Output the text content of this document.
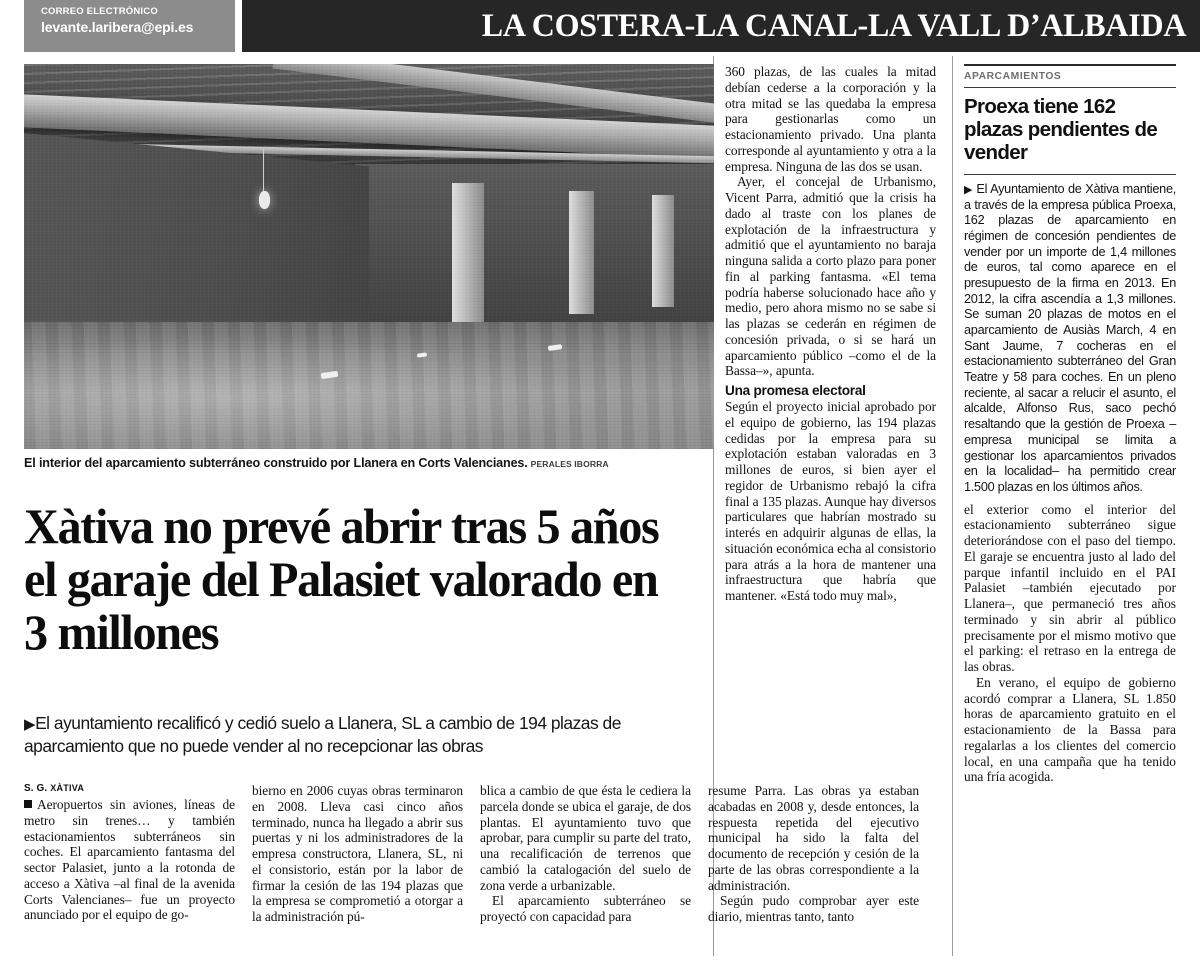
CORREO ELECTRÓNICO
levante.laribera@epi.es	LA COSTERA-LA CANAL-LA VALL D’ALBAIDA
El interior del aparcamiento subterráneo construido por Llanera en Corts Valencianes. PERALES IBORRA
Xàtiva no prevé abrir tras 5 años el garaje del Palasiet valorado en 3 millones
▶El ayuntamiento recalificó y cedió suelo a Llanera, SL a cambio de 194 plazas de aparcamiento que no puede vender al no recepcionar las obras
S. G. XÀTIVA

Aeropuertos sin aviones, líneas de metro sin trenes… y también estacionamientos subterráneos sin coches. El aparcamiento fantasma del sector Palasiet, junto a la rotonda de acceso a Xàtiva –al final de la avenida Corts Valencianes– fue un proyecto anunciado por el equipo de go-

bierno en 2006 cuyas obras terminaron en 2008. Lleva casi cinco años terminado, nunca ha llegado a abrir sus puertas y ni los administradores de la empresa constructora, Llanera, SL, ni el consistorio, están por la labor de firmar la cesión de las 194 plazas que la empresa se comprometió a otorgar a la administración pú-

blica a cambio de que ésta le cediera la parcela donde se ubica el garaje, de dos plantas. El ayuntamiento tuvo que aprobar, para cumplir su parte del trato, una recalificación de terrenos que cambió la catalogación del suelo de zona verde a urbanizable.

El aparcamiento subterráneo se proyectó con capacidad para

resume Parra. Las obras ya estaban acabadas en 2008 y, desde entonces, la respuesta repetida del ejecutivo municipal ha sido la falta del documento de recepción y cesión de la parte de las obras correspondiente a la administración.

Según pudo comprobar ayer este diario, mientras tanto, tanto

360 plazas, de las cuales la mitad debían cederse a la corporación y la otra mitad se las quedaba la empresa para gestionarlas como un estacionamiento privado. Una planta corresponde al ayuntamiento y otra a la empresa. Ninguna de las dos se usan.

Ayer, el concejal de Urbanismo, Vicent Parra, admitió que la crisis ha dado al traste con los planes de explotación de la infraestructura y admitió que el ayuntamiento no baraja ninguna salida a corto plazo para poner fin al parking fantasma. «El tema podría haberse solucionado hace año y medio, pero ahora mismo no se sabe si las plazas se cederán en régimen de concesión privada, o si se hará un aparcamiento público –como el de la Bassa–», apunta.

Una promesa electoral

Según el proyecto inicial aprobado por el equipo de gobierno, las 194 plazas cedidas por la empresa para su explotación estaban valoradas en 3 millones de euros, si bien ayer el regidor de Urbanismo rebajó la cifra final a 135 plazas. Aunque hay diversos particulares que habrían mostrado su interés en adquirir algunas de ellas, la situación económica echa al consistorio para atrás a la hora de mantener una infraestructura que habría que mantener. «Está todo muy mal»,

APARCAMIENTOS
Proexa tiene 162 plazas pendientes de vender
▶ El Ayuntamiento de Xàtiva mantiene, a través de la empresa pública Proexa, 162 plazas de aparcamiento en régimen de concesión pendientes de vender por un importe de 1,4 millones de euros, tal como aparece en el presupuesto de la firma en 2013. En 2012, la cifra ascendía a 1,3 millones. Se suman 20 plazas de motos en el aparcamiento de Ausiàs March, 4 en Sant Jaume, 7 cocheras en el estacionamiento subterráneo del Gran Teatre y 58 para coches. En un pleno reciente, al sacar a relucir el asunto, el alcalde, Alfonso Rus, saco pechó resaltando que la gestión de Proexa –empresa municipal se limita a gestionar los aparcamientos privados en la localidad– ha permitido crear 1.500 plazas en los últimos años.

el exterior como el interior del estacionamiento subterráneo sigue deteriorándose con el paso del tiempo. El garaje se encuentra justo al lado del parque infantil incluido en el PAI Palasiet –también ejecutado por Llanera–, que permaneció tres años terminado y sin abrir al público precisamente por el mismo motivo que el parking: el retraso en la entrega de las obras.

En verano, el equipo de gobierno acordó comprar a Llanera, SL 1.850 horas de aparcamiento gratuito en el estacionamiento de la Bassa para regalarlas a los clientes del comercio local, en una campaña que ha tenido una fría acogida.
